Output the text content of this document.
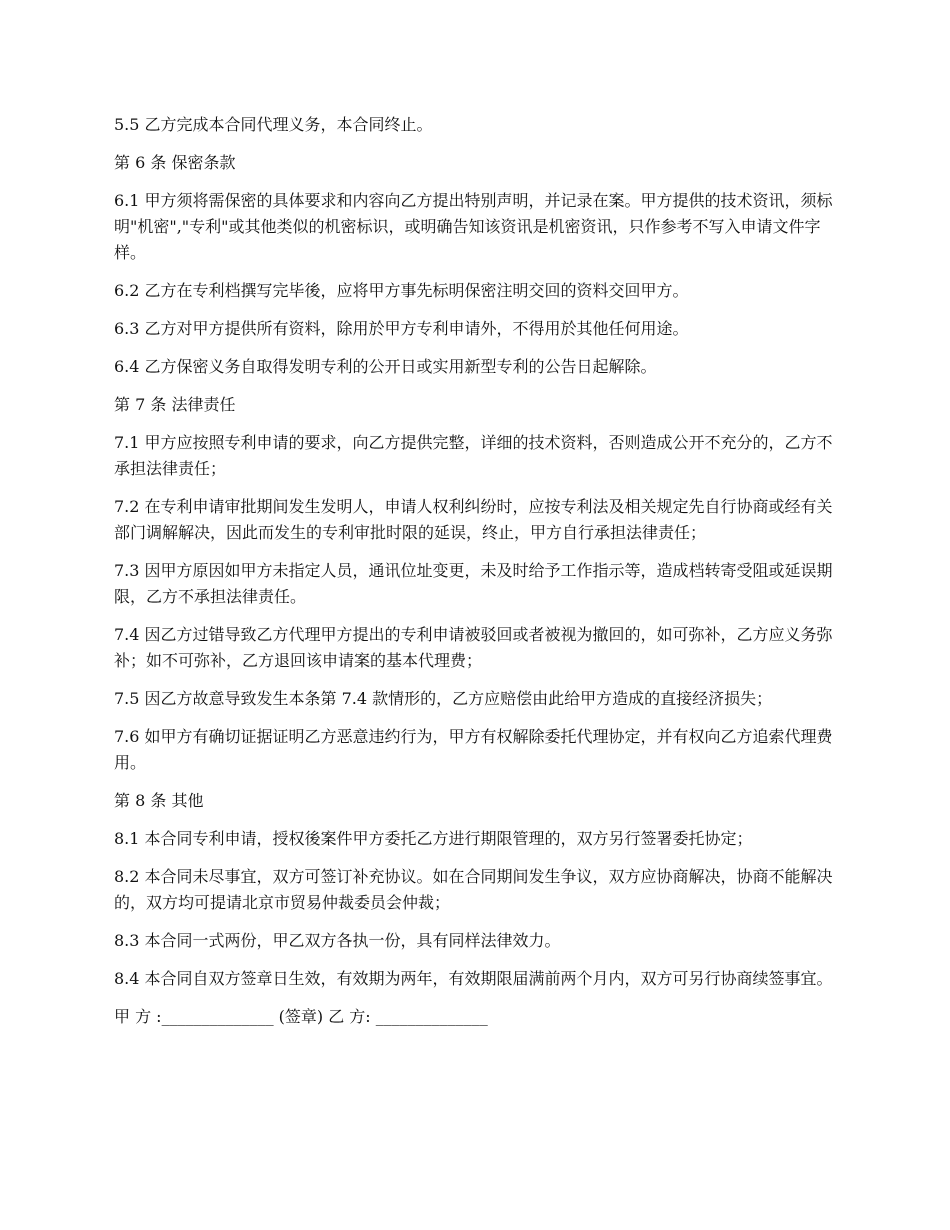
5.5 乙方完成本合同代理义务，本合同终止。

第 6 条 保密条款

6.1 甲方须将需保密的具体要求和内容向乙方提出特别声明，并记录在案。甲方提供的技术资讯，须标明"机密","专利"或其他类似的机密标识，或明确告知该资讯是机密资讯，只作参考不写入申请文件字样。

6.2 乙方在专利档撰写完毕後，应将甲方事先标明保密注明交回的资料交回甲方。

6.3 乙方对甲方提供所有资料，除用於甲方专利申请外，不得用於其他任何用途。

6.4 乙方保密义务自取得发明专利的公开日或实用新型专利的公告日起解除。

第 7 条 法律责任

7.1 甲方应按照专利申请的要求，向乙方提供完整，详细的技术资料，否则造成公开不充分的，乙方不承担法律责任；

7.2 在专利申请审批期间发生发明人，申请人权利纠纷时，应按专利法及相关规定先自行协商或经有关部门调解解决，因此而发生的专利审批时限的延误，终止，甲方自行承担法律责任；

7.3 因甲方原因如甲方未指定人员，通讯位址变更，未及时给予工作指示等，造成档转寄受阻或延误期限，乙方不承担法律责任。

7.4 因乙方过错导致乙方代理甲方提出的专利申请被驳回或者被视为撤回的，如可弥补，乙方应义务弥补；如不可弥补，乙方退回该申请案的基本代理费；

7.5 因乙方故意导致发生本条第 7.4 款情形的，乙方应赔偿由此给甲方造成的直接经济损失；

7.6 如甲方有确切证据证明乙方恶意违约行为，甲方有权解除委托代理协定，并有权向乙方追索代理费用。

第 8 条 其他

8.1 本合同专利申请，授权後案件甲方委托乙方进行期限管理的，双方另行签署委托协定；

8.2 本合同未尽事宜，双方可签订补充协议。如在合同期间发生争议，双方应协商解决，协商不能解决的，双方均可提请北京市贸易仲裁委员会仲裁；

8.3 本合同一式两份，甲乙双方各执一份，具有同样法律效力。

8.4 本合同自双方签章日生效，有效期为两年，有效期限届满前两个月内，双方可另行协商续签事宜。

甲 方 :______________ (签章) 乙 方: ______________
